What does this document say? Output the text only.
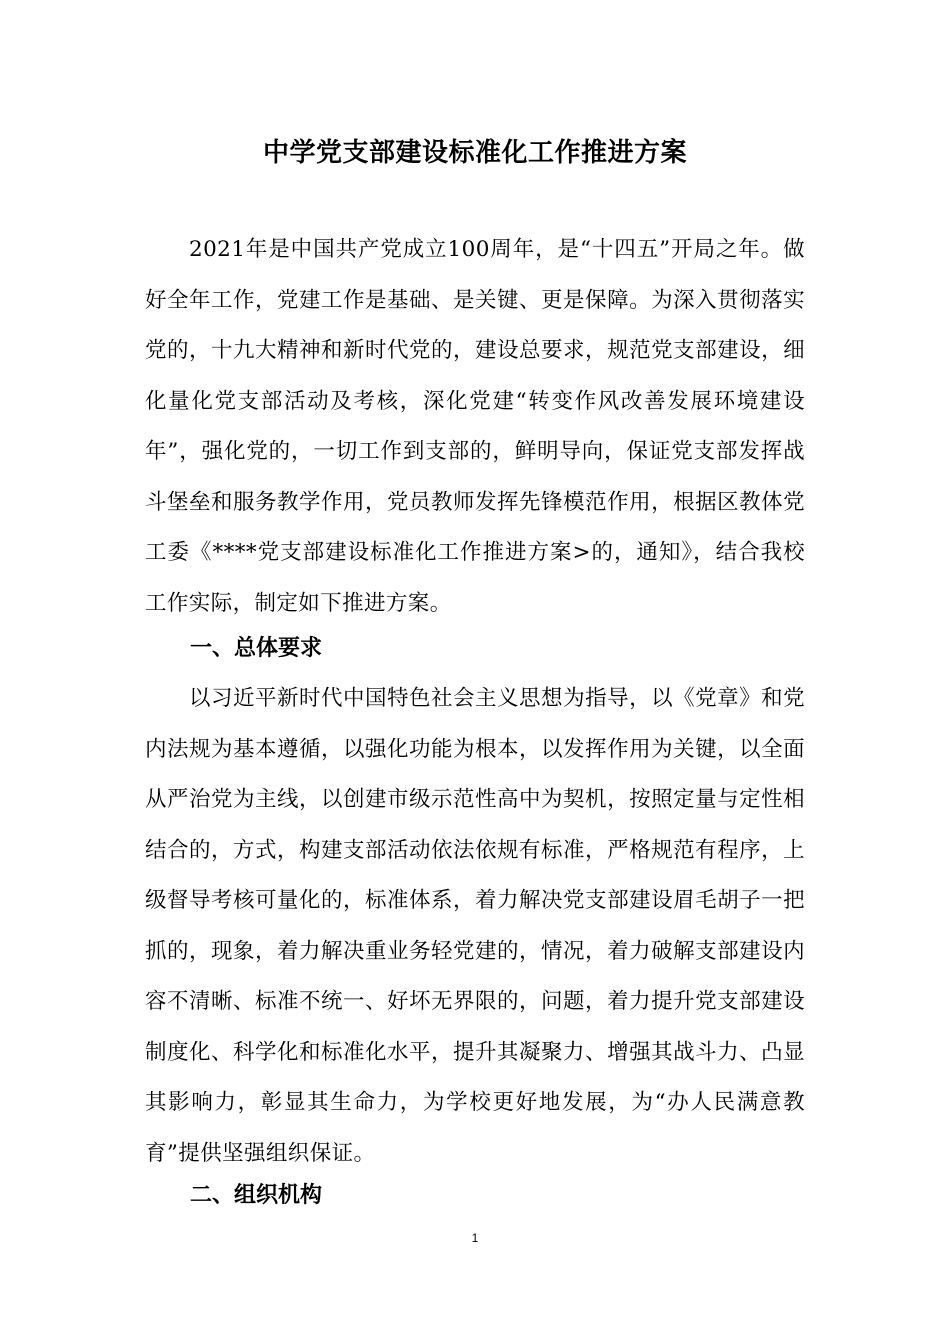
中学党支部建设标准化工作推进方案

2021年是中国共产党成立100周年，是“十四五”开局之年。做好全年工作，党建工作是基础、是关键、更是保障。为深入贯彻落实党的，十九大精神和新时代党的，建设总要求，规范党支部建设，细化量化党支部活动及考核，深化党建“转变作风改善发展环境建设年”，强化党的，一切工作到支部的，鲜明导向，保证党支部发挥战斗堡垒和服务教学作用，党员教师发挥先锋模范作用，根据区教体党工委《****党支部建设标准化工作推进方案>的，通知》，结合我校工作实际，制定如下推进方案。

一、总体要求

以习近平新时代中国特色社会主义思想为指导，以《党章》和党内法规为基本遵循，以强化功能为根本，以发挥作用为关键，以全面从严治党为主线，以创建市级示范性高中为契机，按照定量与定性相结合的，方式，构建支部活动依法依规有标准，严格规范有程序，上级督导考核可量化的，标准体系，着力解决党支部建设眉毛胡子一把抓的，现象，着力解决重业务轻党建的，情况，着力破解支部建设内容不清晰、标准不统一、好坏无界限的，问题，着力提升党支部建设制度化、科学化和标准化水平，提升其凝聚力、增强其战斗力、凸显其影响力，彰显其生命力，为学校更好地发展，为“办人民满意教育”提供坚强组织保证。

二、组织机构
1
